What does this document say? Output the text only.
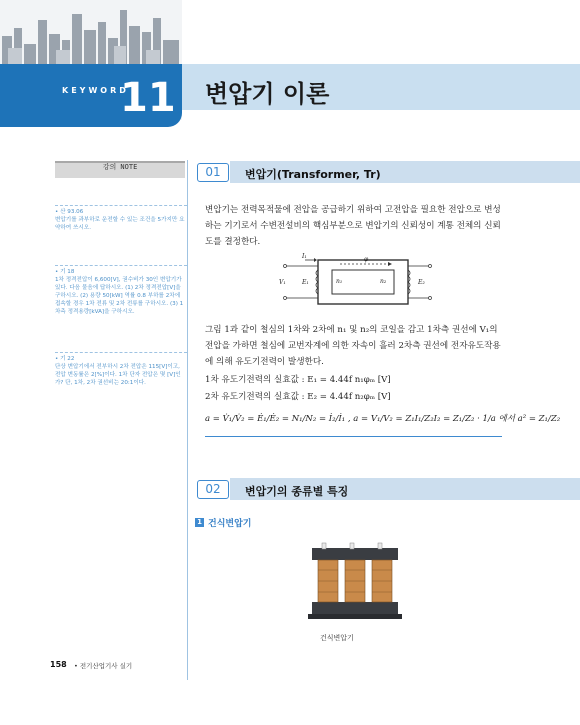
KEYWORD
11 변압기 이론
강의 NOTE
• 산 93.06

변압기를 과부하로 운전할 수 있는 조건을 5가지만 요약하여 쓰시오.

• 기 18

1차 정격전압이 6,600[V], 권수비가 30인 변압기가 있다. 다음 물음에 답하시오. (1) 2차 정격전압[V]을 구하시오. (2) 용량 50[kW] 역률 0.8 부하를 2차에 접속할 경우 1차 전류 및 2차 전류를 구하시오. (3) 1차측 정격용량[kVA]을 구하시오.

• 기 22

단상 변압기에서 전부하시 2차 전압은 115[V]이고, 전압 변동률은 2[%]이다. 1차 단자 전압은 몇 [V]인가? 단, 1차, 2차 권선비는 20:1이다.

01	변압기(Transformer, Tr)

변압기는 전력목적물에 전압을 공급하기 위하여 고전압을 필요한 전압으로 변성하는 기기로서 수변전설비의 핵심부분으로 변압기의 신뢰성이 계통 전체의 신뢰도를 결정한다.

I₁	φ
V₁	E₁	n₁	n₂	E₂

그림 1과 같이 철심의 1차와 2차에 n₁ 및 n₂의 코일을 감고 1차측 권선에 V₁의 전압을 가하면 철심에 교번자계에 의한 자속이 흘러 2차측 권선에 전자유도작용에 의해 유도기전력이 발생한다.

1차 유도기전력의 실효값 : E₁ = 4.44f n₁φₘ [V]
2차 유도기전력의 실효값 : E₂ = 4.44f n₂φₘ [V]
a = V̇₁/V̇₂ = Ė₁/Ė₂ = N₁/N₂ = İ₂/İ₁ , a = V₁/V₂ = Z₁I₁/Z₂I₂ = Z₁/Z₂ · 1/a 에서 a² = Z₁/Z₂
02	변압기의 종류별 특징
1 건식변압기
건식변압기
158 • 전기산업기사 실기
